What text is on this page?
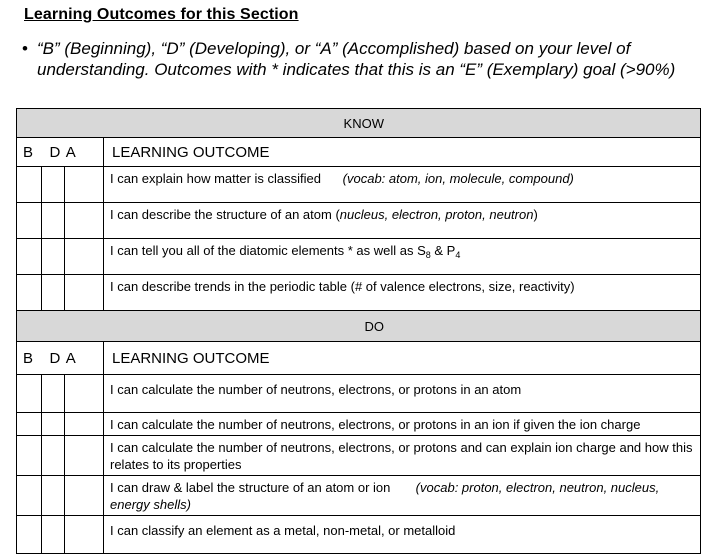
Learning Outcomes for this Section
• “B” (Beginning), “D” (Developing), or “A” (Accomplished) based on your level of understanding. Outcomes with * indicates that this is an “E” (Exemplary) goal (>90%)
KNOW			
B D A			LEARNING OUTCOME
			I can explain how matter is classified (vocab: atom, ion, molecule, compound)
			I can describe the structure of an atom (nucleus, electron, proton, neutron)
			I can tell you all of the diatomic elements * as well as $S_8$ & $P_4$
			I can describe trends in the periodic table (# of valence electrons, size, reactivity)
DO			
B D A			LEARNING OUTCOME
			I can calculate the number of neutrons, electrons, or protons in an atom
			I can calculate the number of neutrons, electrons, or protons in an ion if given the ion charge
			I can calculate the number of neutrons, electrons, or protons and can explain ion charge and how this relates to its properties
			I can draw & label the structure of an atom or ion (vocab: proton, electron, neutron, nucleus, energy shells)
			I can classify an element as a metal, non-metal, or metalloid
